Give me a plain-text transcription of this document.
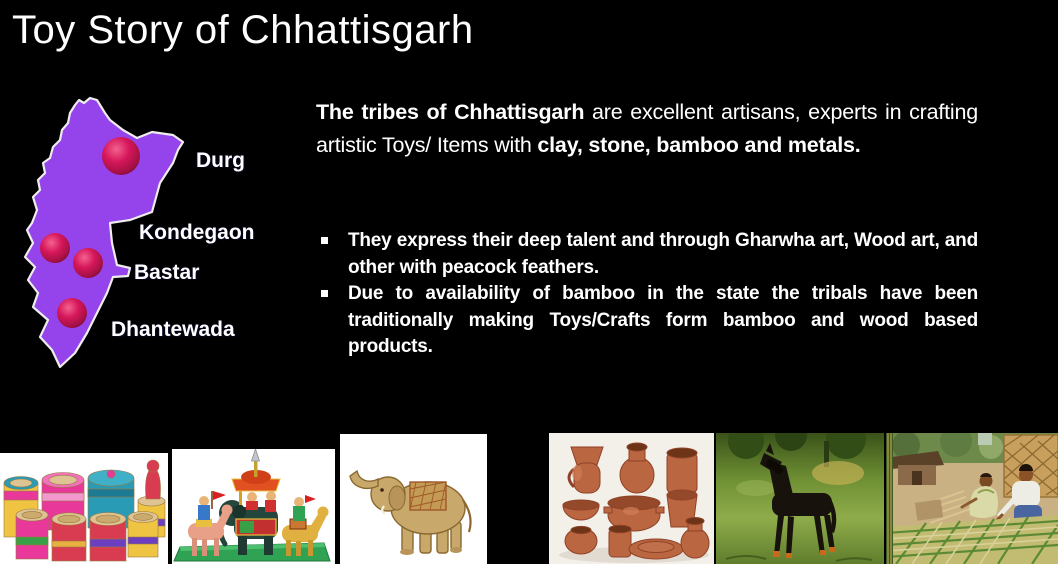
Toy Story of Chhattisgarh
Durg
Kondegaon
Bastar
Dhantewada

The tribes of Chhattisgarh are excellent artisans, experts in crafting artistic Toys/ Items with clay, stone, bamboo and metals.

They express their deep talent and through Gharwha art, Wood art, and other with peacock feathers.
Due to availability of bamboo in the state the tribals have been traditionally making Toys/Crafts form bamboo and wood based products.
